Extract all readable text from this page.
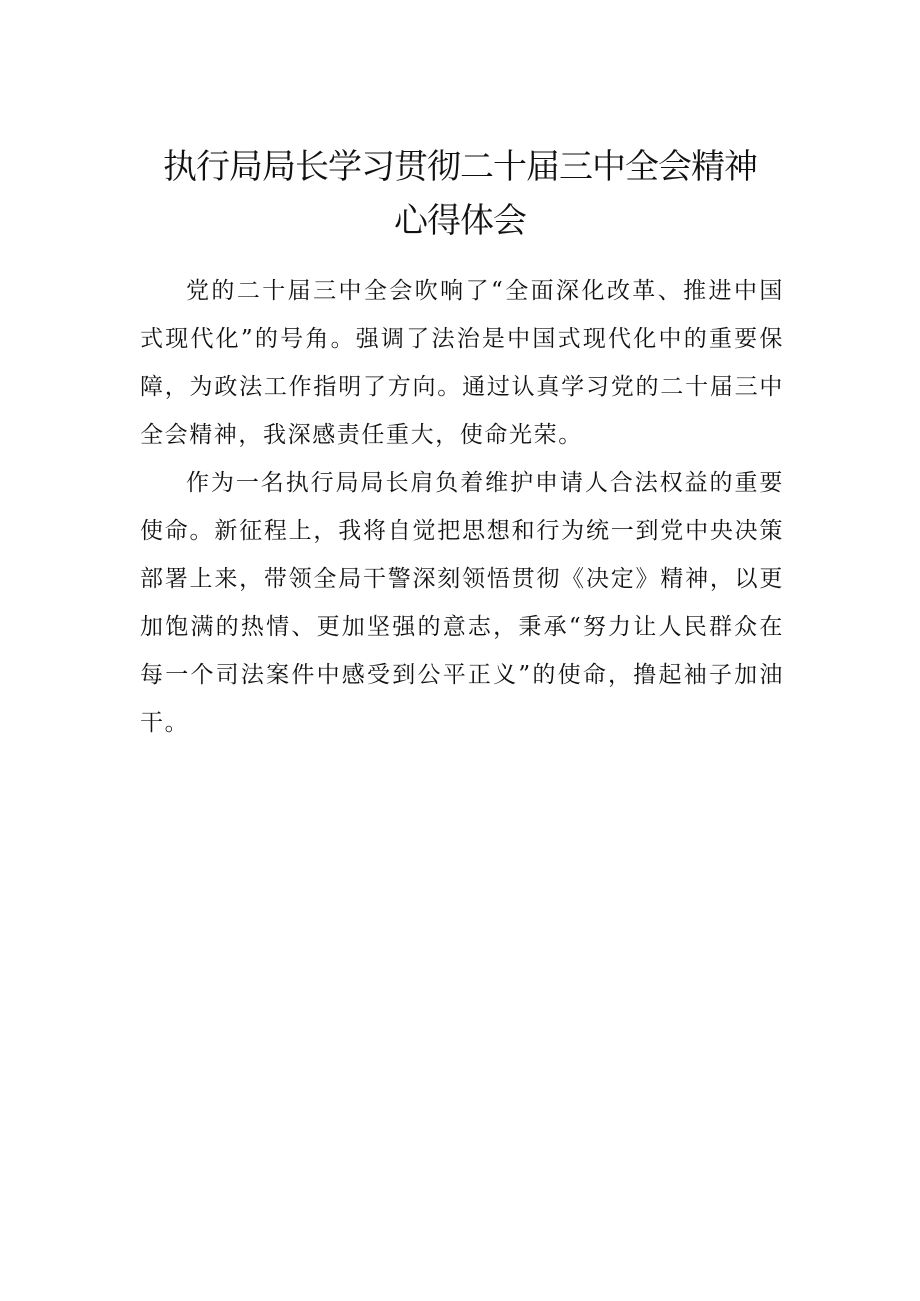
执行局局长学习贯彻二十届三中全会精神
心得体会

党的二十届三中全会吹响了“全面深化改革、推进中国式现代化”的号角。强调了法治是中国式现代化中的重要保障，为政法工作指明了方向。通过认真学习党的二十届三中全会精神，我深感责任重大，使命光荣。

作为一名执行局局长肩负着维护申请人合法权益的重要使命。新征程上，我将自觉把思想和行为统一到党中央决策部署上来，带领全局干警深刻领悟贯彻《决定》精神，以更加饱满的热情、更加坚强的意志，秉承“努力让人民群众在每一个司法案件中感受到公平正义”的使命，撸起袖子加油干。
